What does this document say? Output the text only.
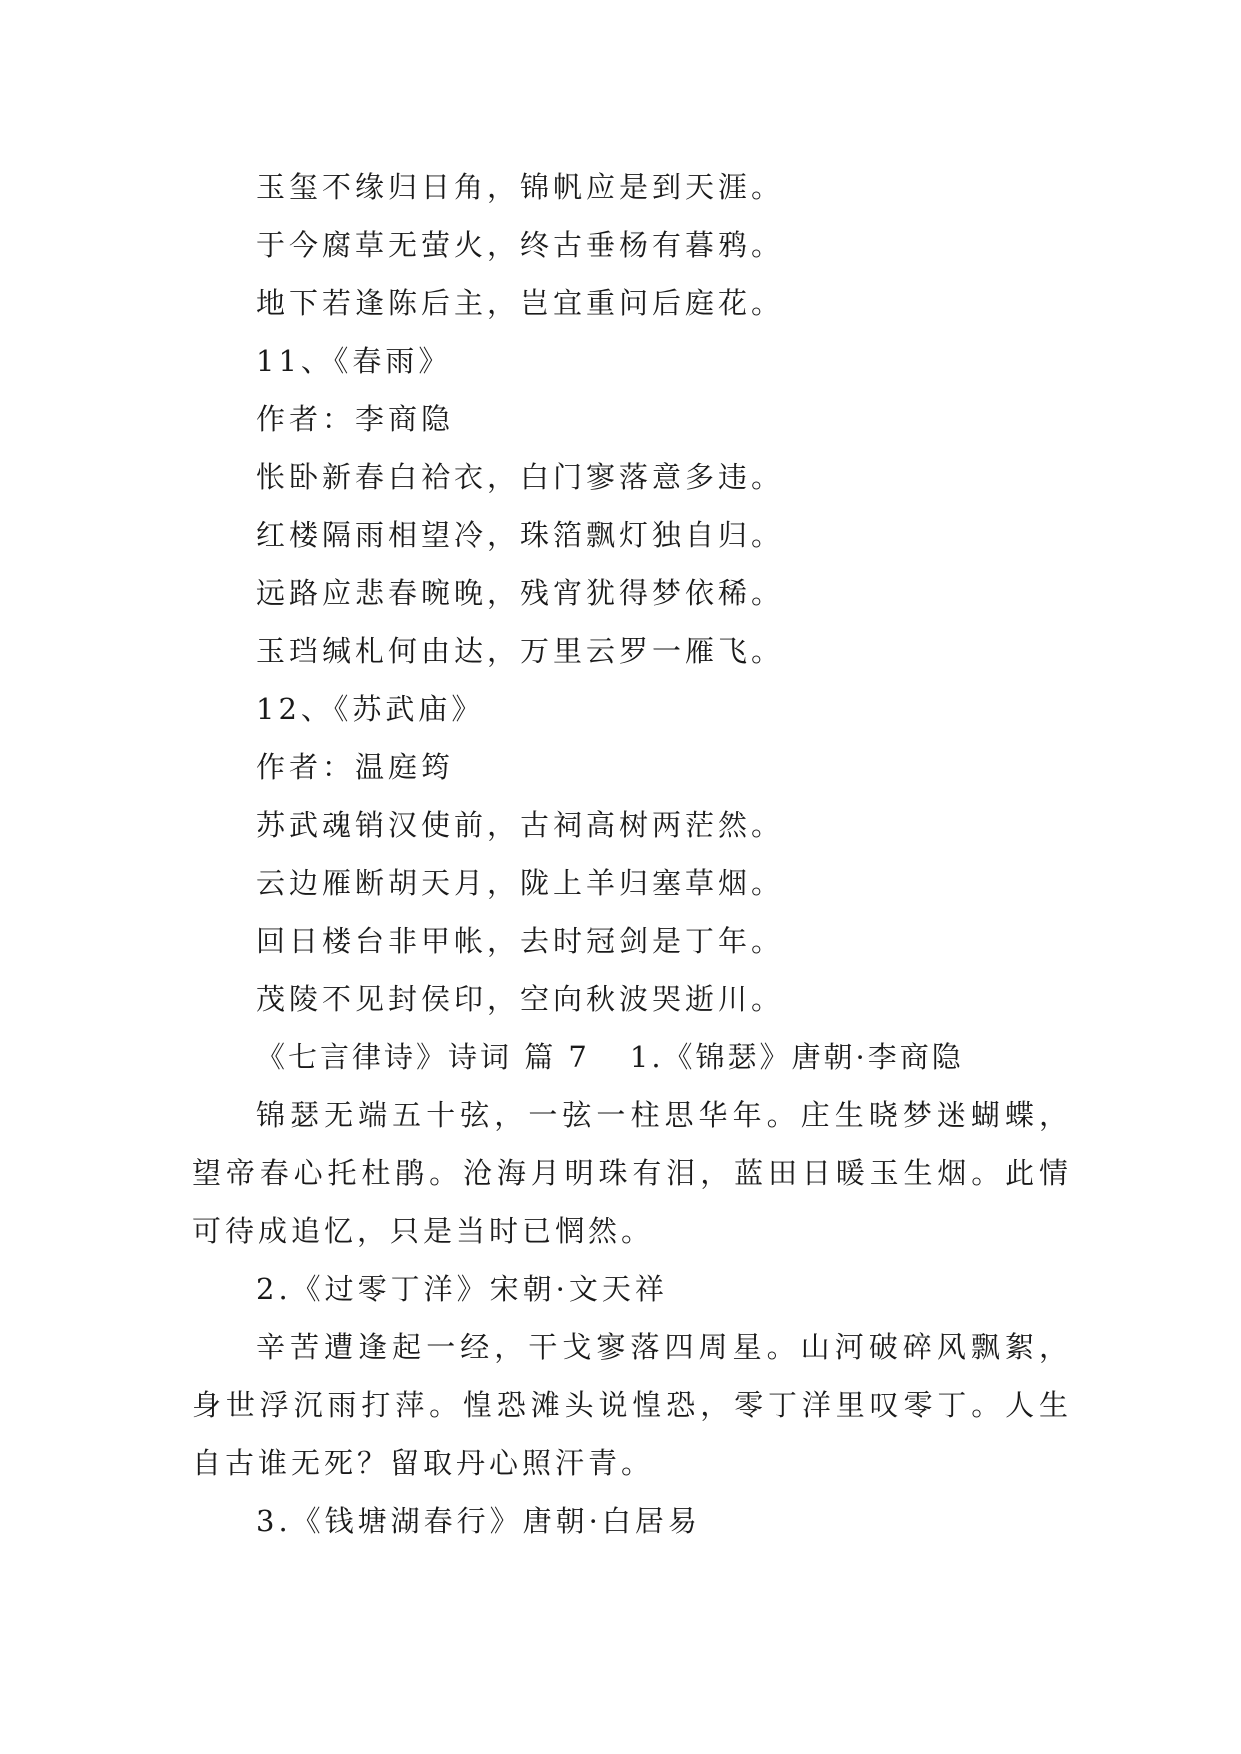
玉玺不缘归日角，锦帆应是到天涯。
于今腐草无萤火，终古垂杨有暮鸦。
地下若逢陈后主，岂宜重问后庭花。
11、《春雨》
作者：李商隐
怅卧新春白袷衣，白门寥落意多违。
红楼隔雨相望冷，珠箔飘灯独自归。
远路应悲春晼晚，残宵犹得梦依稀。
玉珰缄札何由达，万里云罗一雁飞。
12、《苏武庙》
作者：温庭筠
苏武魂销汉使前，古祠高树两茫然。
云边雁断胡天月，陇上羊归塞草烟。
回日楼台非甲帐，去时冠剑是丁年。
茂陵不见封侯印，空向秋波哭逝川。
《七言律诗》诗词 篇 7 1.《锦瑟》唐朝·李商隐

锦瑟无端五十弦，一弦一柱思华年。庄生晓梦迷蝴蝶，望帝春心托杜鹃。沧海月明珠有泪，蓝田日暖玉生烟。此情可待成追忆，只是当时已惘然。

2.《过零丁洋》宋朝·文天祥

辛苦遭逢起一经，干戈寥落四周星。山河破碎风飘絮，身世浮沉雨打萍。惶恐滩头说惶恐，零丁洋里叹零丁。人生自古谁无死？留取丹心照汗青。

3.《钱塘湖春行》唐朝·白居易
